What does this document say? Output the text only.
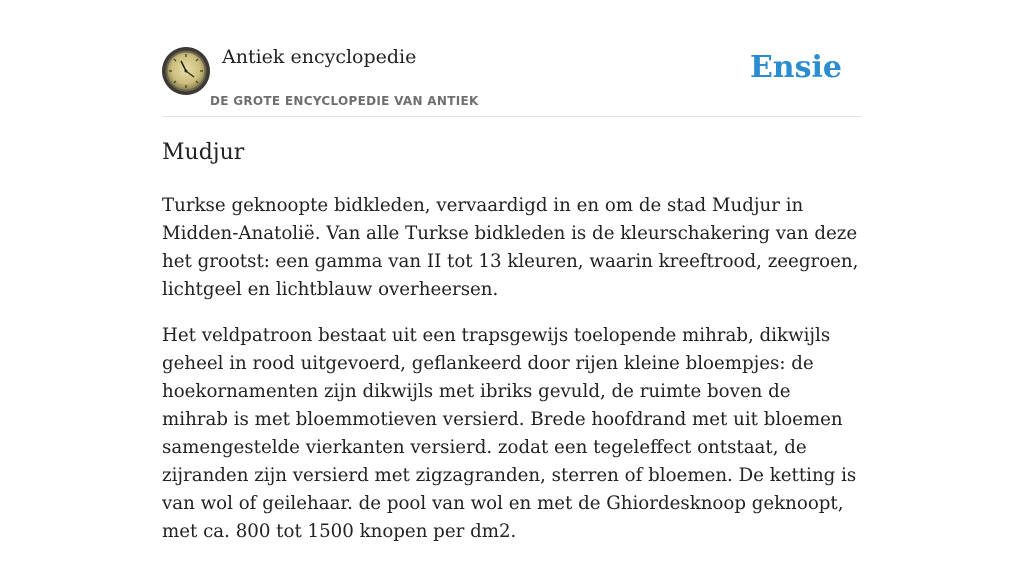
Antiek encyclopedie
DE GROTE ENCYCLOPEDIE VAN ANTIEK
Ensie
Mudjur

Turkse geknoopte bidkleden, vervaardigd in en om de stad Mudjur in Midden-Anatolië. Van alle Turkse bidkleden is de kleurschakering van deze het grootst: een gamma van II tot 13 kleuren, waarin kreeftrood, zeegroen, lichtgeel en lichtblauw overheersen.

Het veldpatroon bestaat uit een trapsgewijs toelopende mihrab, dikwijls geheel in rood uitgevoerd, geflankeerd door rijen kleine bloempjes: de hoekornamenten zijn dikwijls met ibriks gevuld, de ruimte boven de mihrab is met bloemmotieven versierd. Brede hoofdrand met uit bloemen samengestelde vierkanten versierd. zodat een tegeleffect ontstaat, de zijranden zijn versierd met zigzagranden, sterren of bloemen. De ketting is van wol of geilehaar. de pool van wol en met de Ghiordesknoop geknoopt, met ca. 800 tot 1500 knopen per dm2.
